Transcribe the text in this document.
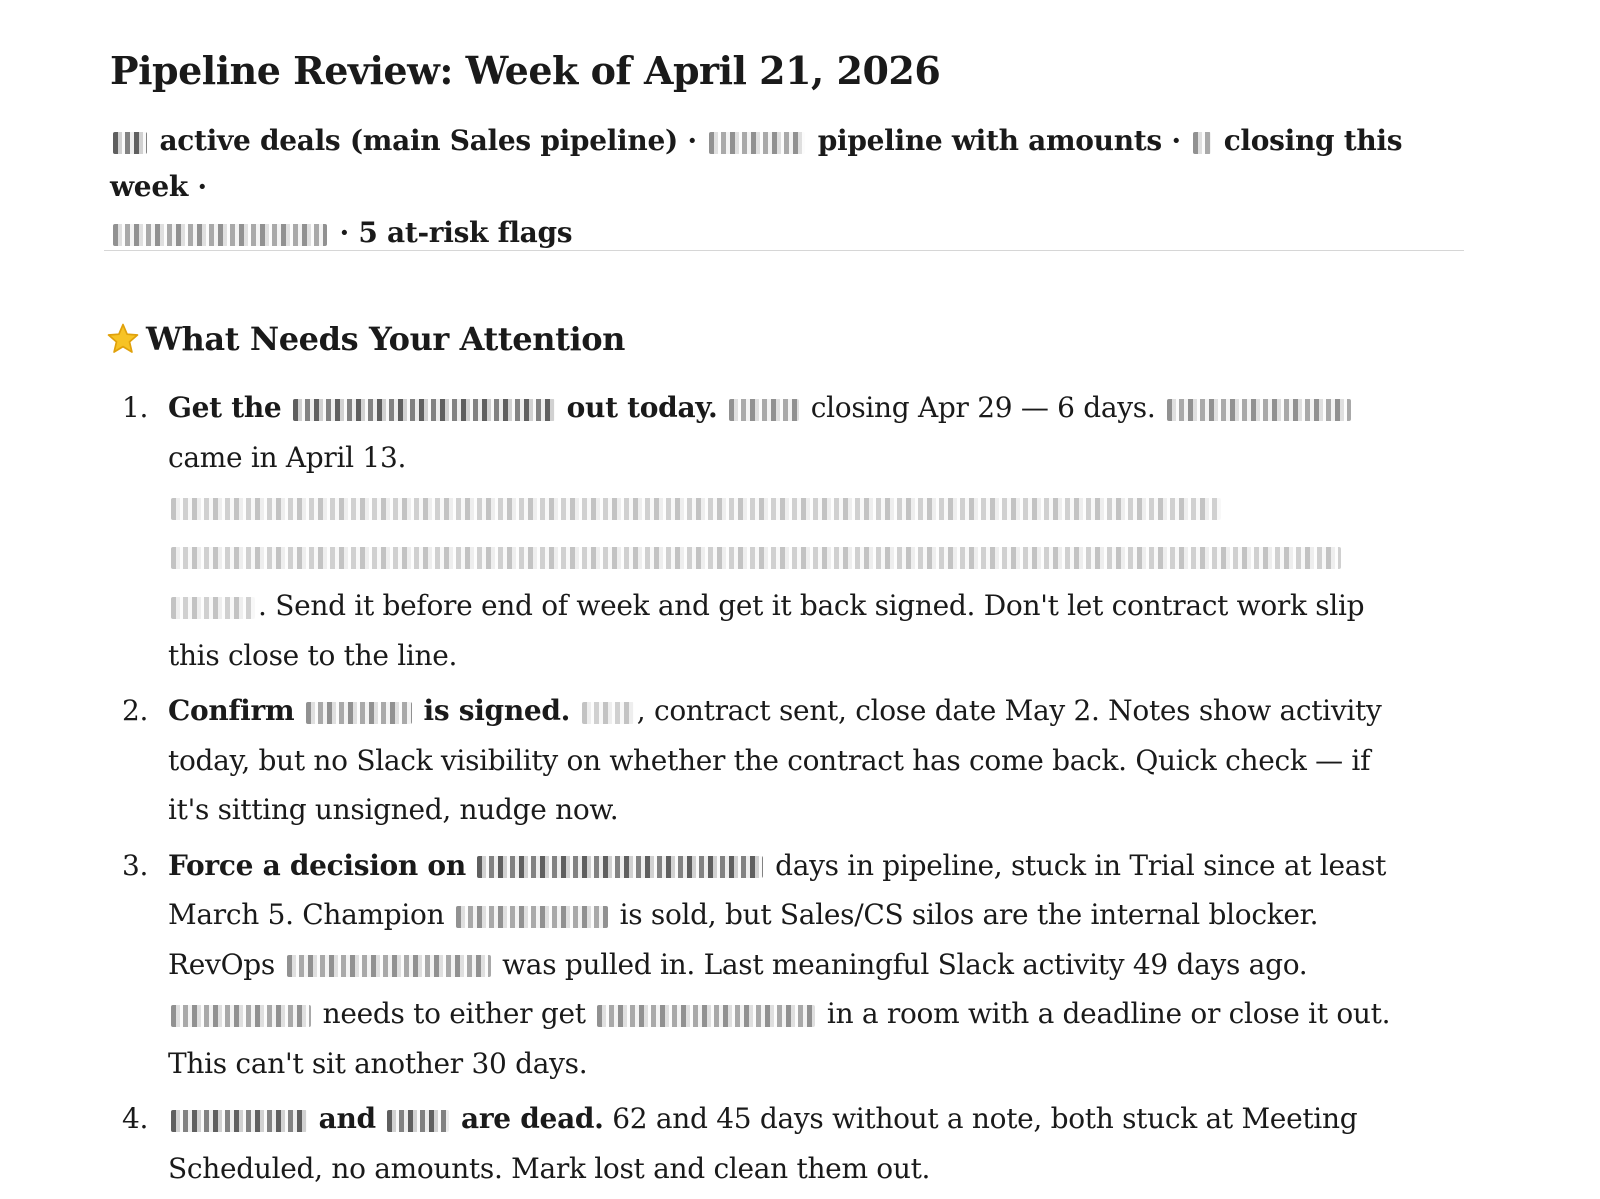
Pipeline Review: Week of April 21, 2026
active deals (main Sales pipeline) ·	pipeline with amounts · closing this week ·
· 5 at-risk flags
What Needs Your Attention
1. Get the	out today.	closing Apr 29 — 6 days.  came in April 13.   . Send it before end of week and get it back signed. Don't let contract work slip this close to the line.
2. Confirm	is signed. , contract sent, close date May 2. Notes show activity today, but no Slack visibility on whether the contract has come back. Quick check — if it's sitting unsigned, nudge now.
3. Force a decision on	days in pipeline, stuck in Trial since at least March 5. Champion	is sold, but Sales/CS silos are the internal blocker. RevOps	was pulled in. Last meaningful Slack activity 49 days ago.  needs to either get	in a room with a deadline or close it out. This can't sit another 30 days.
4.	and	are dead. 62 and 45 days without a note, both stuck at Meeting Scheduled, no amounts. Mark lost and clean them out.
